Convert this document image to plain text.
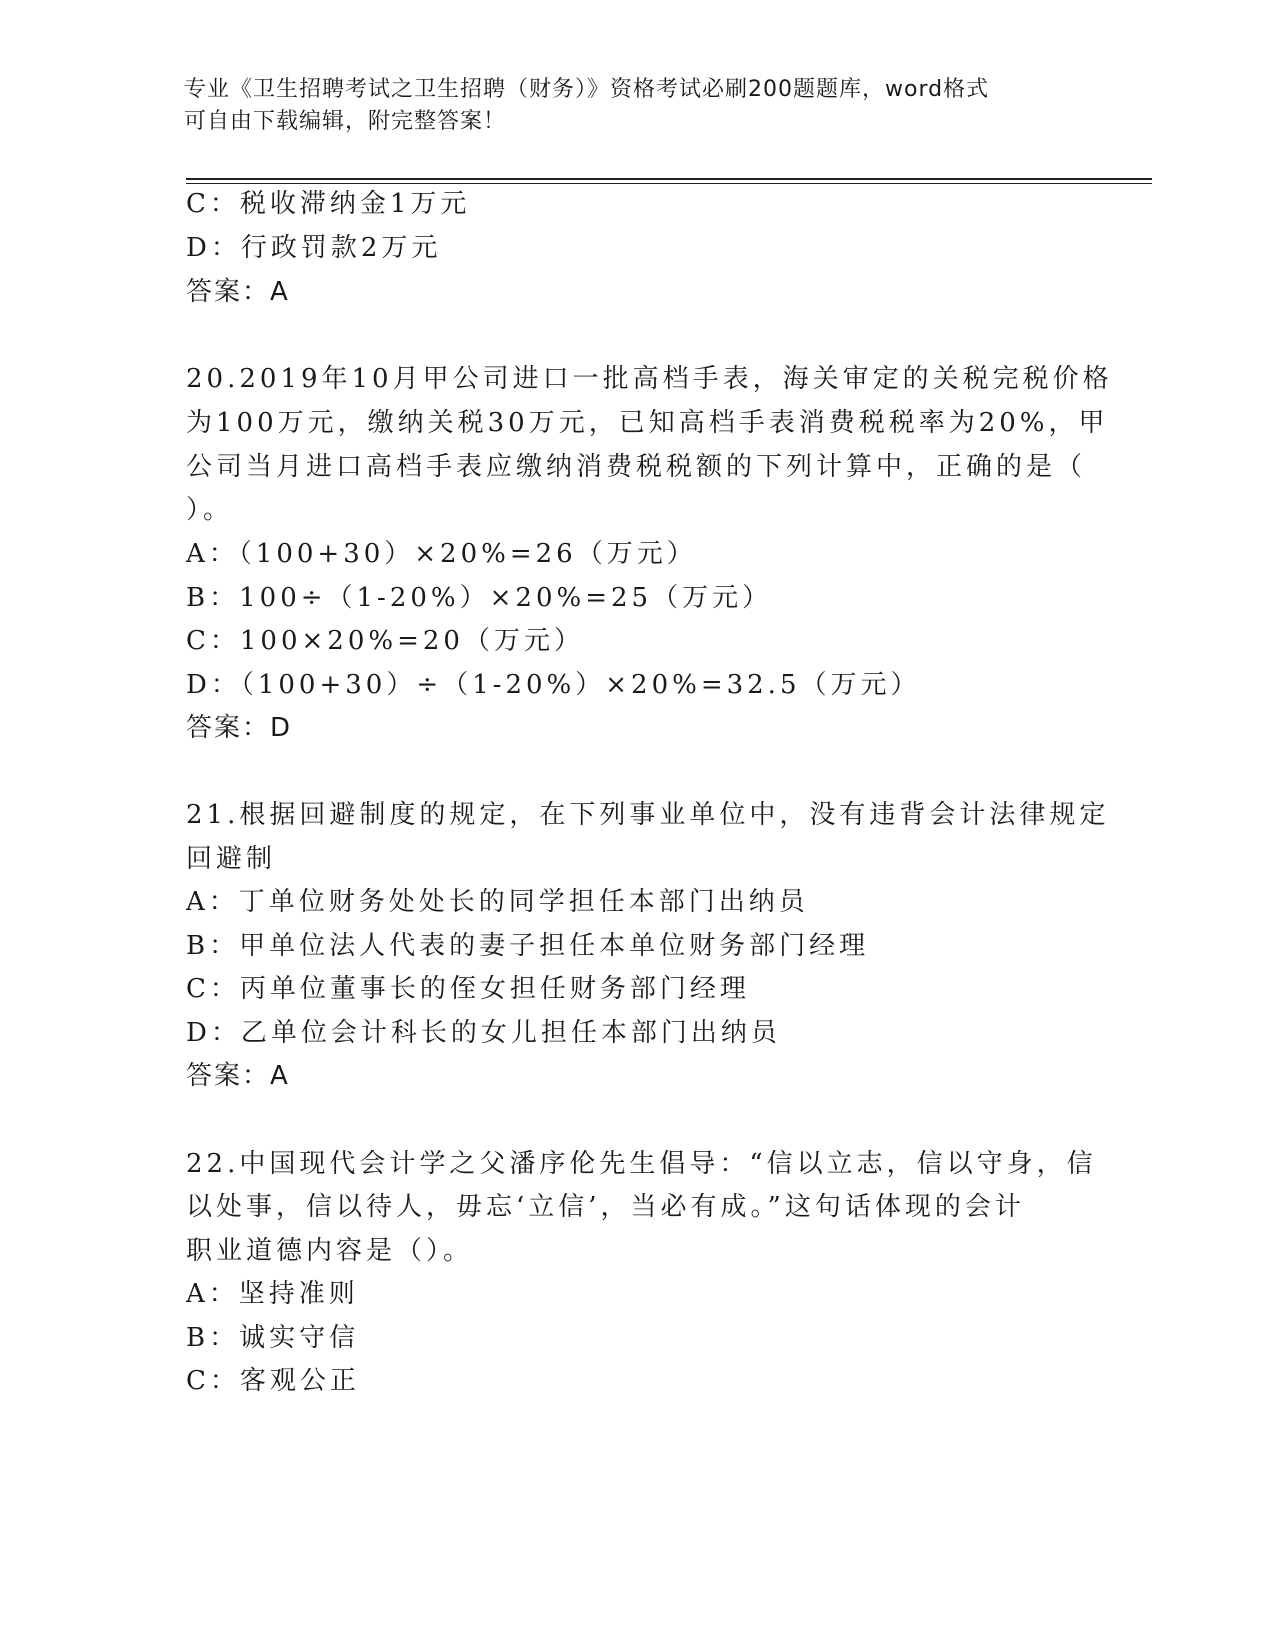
专业《卫生招聘考试之卫生招聘（财务）》资格考试必刷200题题库，word格式
可自由下载编辑，附完整答案！
C：税收滞纳金1万元
D：行政罚款2万元
答案：A
20.2019年10月甲公司进口一批高档手表，海关审定的关税完税价格
为100万元，缴纳关税30万元，已知高档手表消费税税率为20%，甲
公司当月进口高档手表应缴纳消费税税额的下列计算中，正确的是（
）。
A：（100+30）×20%=26（万元）
B：100÷（1-20%）×20%=25（万元）
C：100×20%=20（万元）
D：（100+30）÷（1-20%）×20%=32.5（万元）
答案：D
21.根据回避制度的规定，在下列事业单位中，没有违背会计法律规定
回避制
A：丁单位财务处处长的同学担任本部门出纳员
B：甲单位法人代表的妻子担任本单位财务部门经理
C：丙单位董事长的侄女担任财务部门经理
D：乙单位会计科长的女儿担任本部门出纳员
答案：A
22.中国现代会计学之父潘序伦先生倡导：“信以立志，信以守身，信
以处事，信以待人，毋忘‘立信’，当必有成。”这句话体现的会计
职业道德内容是（）。
A：坚持准则
B：诚实守信
C：客观公正
